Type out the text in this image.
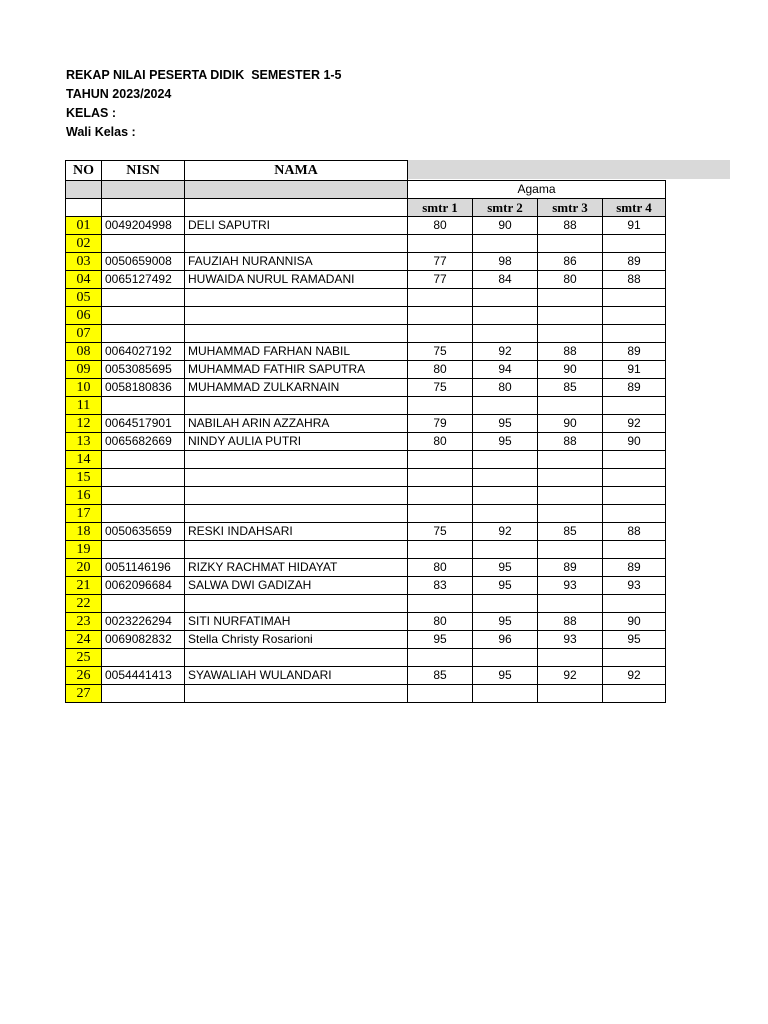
REKAP NILAI PESERTA DIDIK  SEMESTER 1-5
TAHUN 2023/2024
KELAS :
Wali Kelas :
NO	NISN	NAMA				
			Agama			
			smtr 1	smtr 2	smtr 3	smtr 4
01	0049204998	DELI SAPUTRI	80	90	88	91
02						
03	0050659008	FAUZIAH NURANNISA	77	98	86	89
04	0065127492	HUWAIDA NURUL RAMADANI	77	84	80	88
05						
06						
07						
08	0064027192	MUHAMMAD FARHAN NABIL	75	92	88	89
09	0053085695	MUHAMMAD FATHIR SAPUTRA	80	94	90	91
10	0058180836	MUHAMMAD ZULKARNAIN	75	80	85	89
11						
12	0064517901	NABILAH ARIN AZZAHRA	79	95	90	92
13	0065682669	NINDY AULIA PUTRI	80	95	88	90
14						
15						
16						
17						
18	0050635659	RESKI INDAHSARI	75	92	85	88
19						
20	0051146196	RIZKY RACHMAT HIDAYAT	80	95	89	89
21	0062096684	SALWA DWI GADIZAH	83	95	93	93
22						
23	0023226294	SITI NURFATIMAH	80	95	88	90
24	0069082832	Stella Christy Rosarioni	95	96	93	95
25						
26	0054441413	SYAWALIAH WULANDARI	85	95	92	92
27						
